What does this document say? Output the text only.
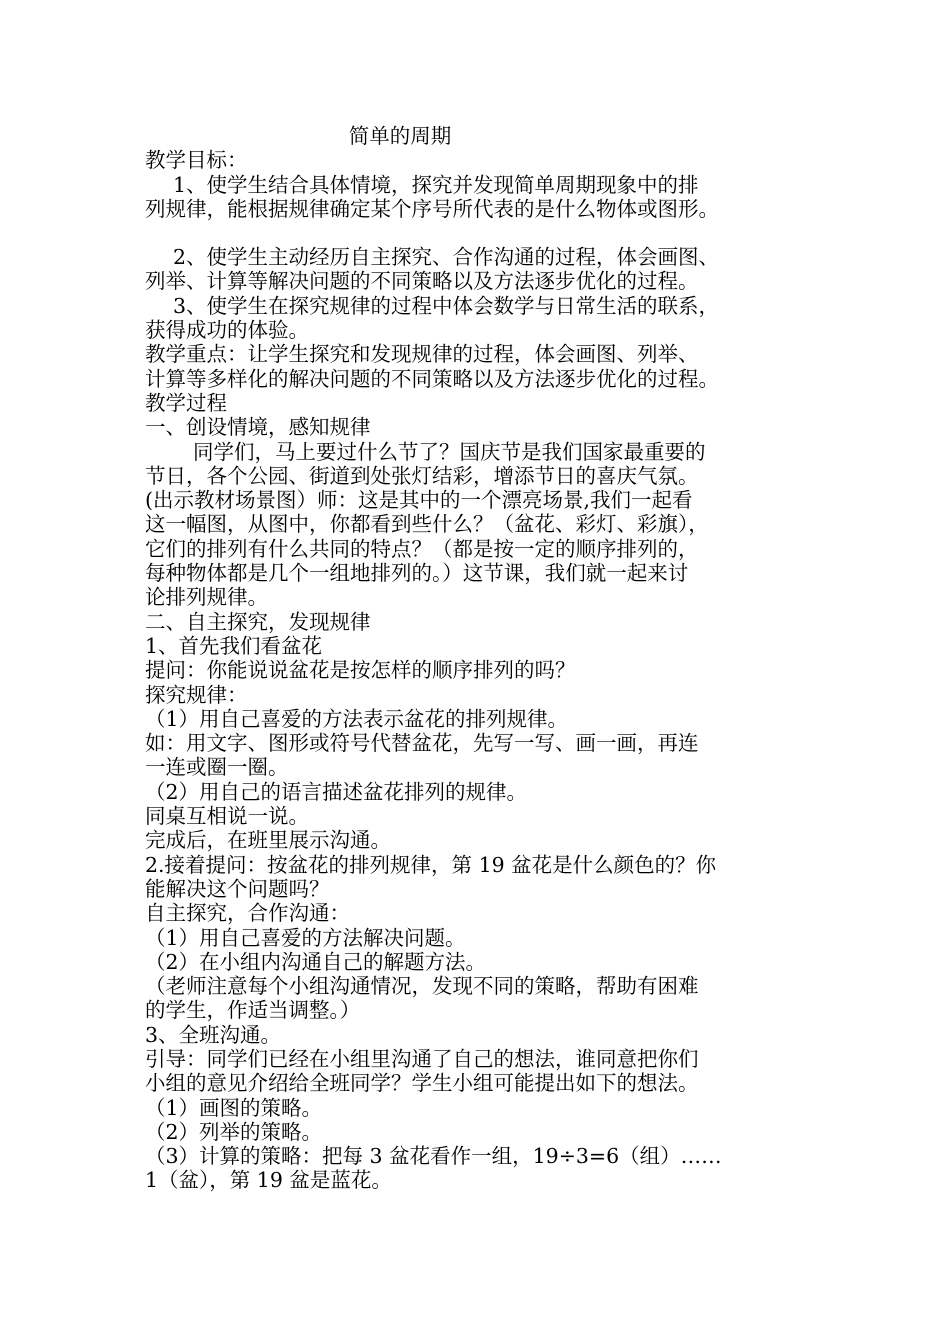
简单的周期
教学目标：
1、使学生结合具体情境，探究并发现简单周期现象中的排
列规律，能根据规律确定某个序号所代表的是什么物体或图形。
2、使学生主动经历自主探究、合作沟通的过程，体会画图、
列举、计算等解决问题的不同策略以及方法逐步优化的过程。
3、使学生在探究规律的过程中体会数学与日常生活的联系，
获得成功的体验。
教学重点：让学生探究和发现规律的过程，体会画图、列举、
计算等多样化的解决问题的不同策略以及方法逐步优化的过程。
教学过程
一、创设情境，感知规律
同学们，马上要过什么节了？国庆节是我们国家最重要的
节日，各个公园、街道到处张灯结彩，增添节日的喜庆气氛。
(出示教材场景图）师：这是其中的一个漂亮场景,我们一起看
这一幅图，从图中，你都看到些什么？（盆花、彩灯、彩旗），
它们的排列有什么共同的特点？（都是按一定的顺序排列的，
每种物体都是几个一组地排列的。）这节课，我们就一起来讨
论排列规律。
二、自主探究，发现规律
1、首先我们看盆花
提问：你能说说盆花是按怎样的顺序排列的吗？
探究规律：
（1）用自己喜爱的方法表示盆花的排列规律。
如：用文字、图形或符号代替盆花，先写一写、画一画，再连
一连或圈一圈。
（2）用自己的语言描述盆花排列的规律。
同桌互相说一说。
完成后，在班里展示沟通。
2.接着提问：按盆花的排列规律，第 19 盆花是什么颜色的？你
能解决这个问题吗？
自主探究，合作沟通：
（1）用自己喜爱的方法解决问题。
（2）在小组内沟通自己的解题方法。
（老师注意每个小组沟通情况，发现不同的策略，帮助有困难
的学生，作适当调整。）
3、全班沟通。
引导：同学们已经在小组里沟通了自己的想法，谁同意把你们
小组的意见介绍给全班同学？学生小组可能提出如下的想法。
（1）画图的策略。
（2）列举的策略。
（3）计算的策略：把每 3 盆花看作一组，19÷3=6（组）……
1（盆），第 19 盆是蓝花。
